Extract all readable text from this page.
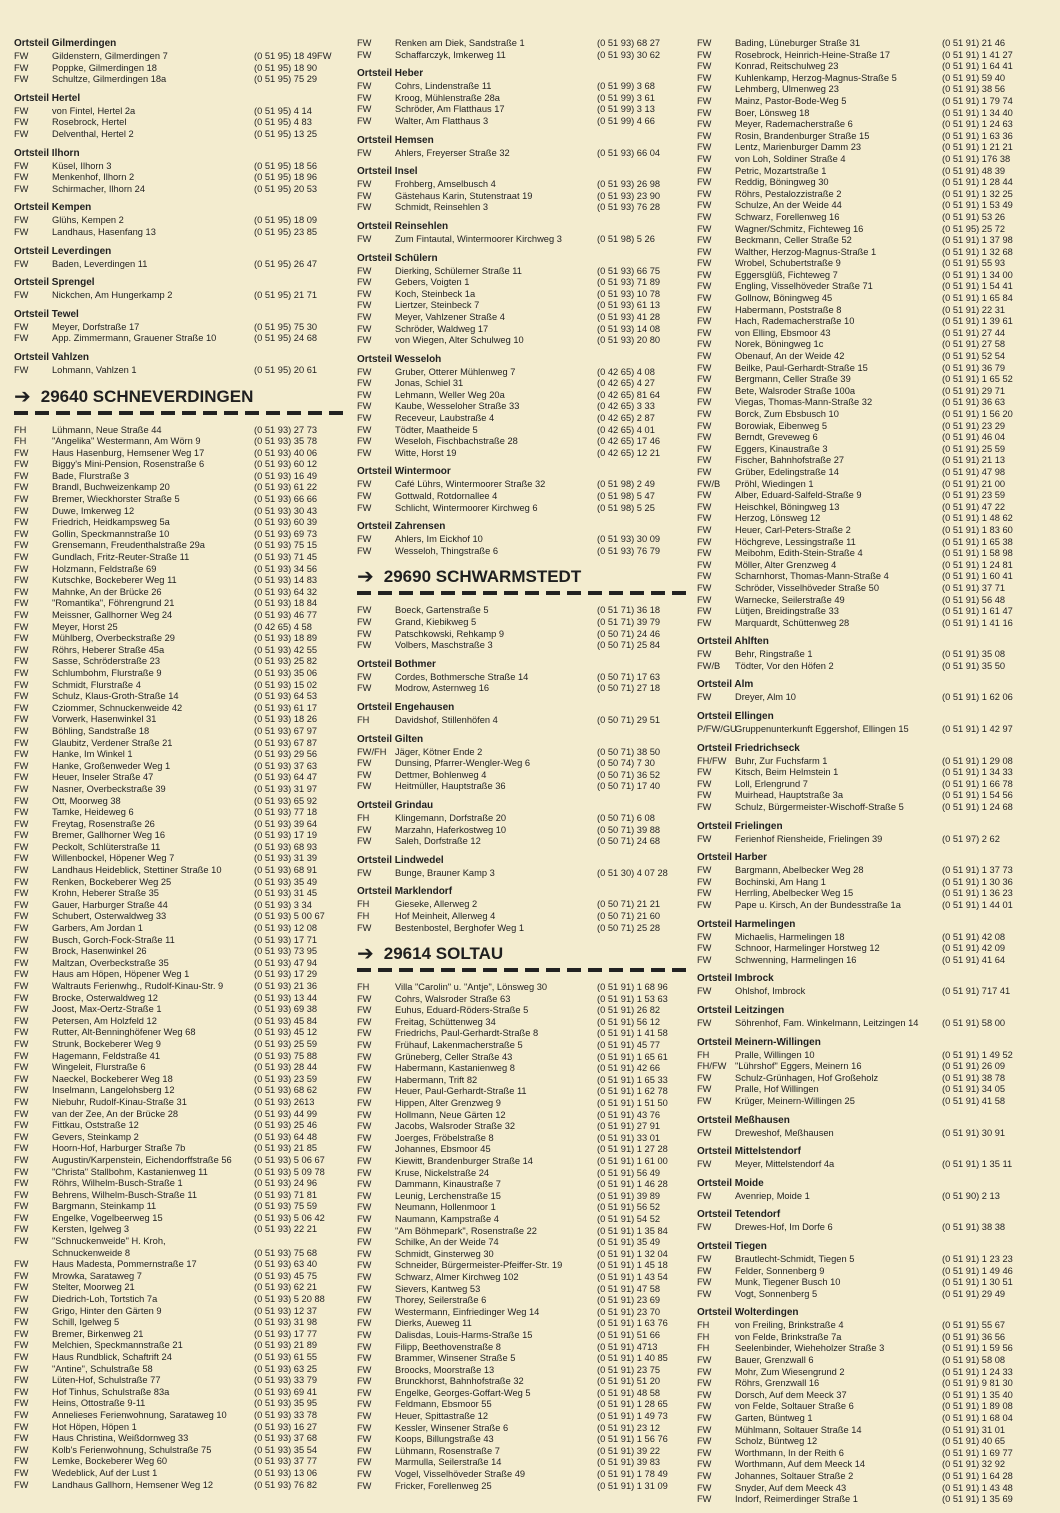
Ortsteil Gilmerdingen
FW	Gildenstern, Gilmerdingen 7	(0 51 95) 18 49FW
FW	Poppke, Gilmerdingen 18	(0 51 95) 18 90
FW	Schultze, Gilmerdingen 18a	(0 51 95) 75 29
Ortsteil Hertel
FW	von Fintel, Hertel 2a	(0 51 95) 4 14
FW	Rosebrock, Hertel	(0 51 95) 4 83
FW	Delventhal, Hertel 2	(0 51 95) 13 25
Ortsteil Ilhorn
FW	Küsel, Ilhorn 3	(0 51 95) 18 56
FW	Menkenhof, Ilhorn 2	(0 51 95) 18 96
FW	Schirmacher, Ilhorn 24	(0 51 95) 20 53
Ortsteil Kempen
FW	Glühs, Kempen 2	(0 51 95) 18 09
FW	Landhaus, Hasenfang 13	(0 51 95) 23 85
Ortsteil Leverdingen
FW	Baden, Leverdingen 11	(0 51 95) 26 47
Ortsteil Sprengel
FW	Nickchen, Am Hungerkamp 2	(0 51 95) 21 71
Ortsteil Tewel
FW	Meyer, Dorfstraße 17	(0 51 95) 75 30
FW	App. Zimmermann, Grauener Straße 10	(0 51 95) 24 68
Ortsteil Vahlzen
FW	Lohmann, Vahlzen 1	(0 51 95) 20 61
➔ 29640 SCHNEVERDINGEN
FH	Lühmann, Neue Straße 44	(0 51 93) 27 73
FH	"Angelika" Westermann, Am Wörn 9	(0 51 93) 35 78
FW	Haus Hasenburg, Hemsener Weg 17	(0 51 93) 40 06
FW	Biggy's Mini-Pension, Rosenstraße 6	(0 51 93) 60 12
FW	Bade, Flurstraße 3	(0 51 93) 16 49
FW	Brandl, Buchweizenkamp 20	(0 51 93) 61 22
FW	Bremer, Wieckhorster Straße 5	(0 51 93) 66 66
FW	Duwe, Imkerweg 12	(0 51 93) 30 43
FW	Friedrich, Heidkampsweg 5a	(0 51 93) 60 39
FW	Gollin, Speckmannstraße 10	(0 51 93) 69 73
FW	Grensemann, Freudenthalstraße 29a	(0 51 93) 75 15
FW	Gundlach, Fritz-Reuter-Straße 11	(0 51 93) 71 45
FW	Holzmann, Feldstraße 69	(0 51 93) 34 56
FW	Kutschke, Bockeberer Weg 11	(0 51 93) 14 83
FW	Mahnke, An der Brücke 26	(0 51 93) 64 32
FW	"Romantika", Föhrengrund 21	(0 51 93) 18 84
FW	Meissner, Gallhorner Weg 24	(0 51 93) 46 77
FW	Meyer, Horst 25	(0 42 65) 4 58
FW	Mühlberg, Overbeckstraße 29	(0 51 93) 18 89
FW	Röhrs, Heberer Straße 45a	(0 51 93) 42 55
FW	Sasse, Schröderstraße 23	(0 51 93) 25 82
FW	Schlumbohm, Flurstraße 9	(0 51 93) 35 06
FW	Schmidt, Flurstraße 4	(0 51 93) 15 02
FW	Schulz, Klaus-Groth-Straße 14	(0 51 93) 64 53
FW	Cziommer, Schnuckenweide 42	(0 51 93) 61 17
FW	Vorwerk, Hasenwinkel 31	(0 51 93) 18 26
FW	Böhling, Sandstraße 18	(0 51 93) 67 97
FW	Glaubitz, Verdener Straße 21	(0 51 93) 67 87
FW	Hanke, Im Winkel 1	(0 51 93) 29 56
FW	Hanke, Großenweder Weg 1	(0 51 93) 37 63
FW	Heuer, Inseler Straße 47	(0 51 93) 64 47
FW	Nasner, Overbeckstraße 39	(0 51 93) 31 97
FW	Ott, Moorweg 38	(0 51 93) 65 92
FW	Tamke, Heideweg 6	(0 51 93) 77 18
FW	Freytag, Rosenstraße 26	(0 51 93) 39 64
FW	Bremer, Gallhorner Weg 16	(0 51 93) 17 19
FW	Peckolt, Schlüterstraße 11	(0 51 93) 68 93
FW	Willenbockel, Höpener Weg 7	(0 51 93) 31 39
FW	Landhaus Heideblick, Stettiner Straße 10	(0 51 93) 68 91
FW	Renken, Bockeberer Weg 25	(0 51 93) 35 49
FW	Krohn, Heberer Straße 35	(0 51 93) 31 45
FW	Gauer, Harburger Straße 44	(0 51 93) 3 34
FW	Schubert, Osterwaldweg 33	(0 51 93) 5 00 67
FW	Garbers, Am Jordan 1	(0 51 93) 12 08
FW	Busch, Gorch-Fock-Straße 11	(0 51 93) 17 71
FW	Brock, Hasenwinkel 26	(0 51 93) 73 95
FW	Maltzan, Overbeckstraße 35	(0 51 93) 47 94
FW	Haus am Höpen, Höpener Weg 1	(0 51 93) 17 29
FW	Waltrauts Ferienwhg., Rudolf-Kinau-Str. 9	(0 51 93) 21 36
FW	Brocke, Osterwaldweg 12	(0 51 93) 13 44
FW	Joost, Max-Oertz-Straße 1	(0 51 93) 69 38
FW	Petersen, Am Holzfeld 12	(0 51 93) 45 84
FW	Rutter, Alt-Benninghöfener Weg 68	(0 51 93) 45 12
FW	Strunk, Bockeberer Weg 9	(0 51 93) 25 59
FW	Hagemann, Feldstraße 41	(0 51 93) 75 88
FW	Wingeleit, Flurstraße 6	(0 51 93) 28 44
FW	Naeckel, Bockeberer Weg 18	(0 51 93) 23 59
FW	Inselmann, Langelohsberg 12	(0 51 93) 68 62
FW	Niebuhr, Rudolf-Kinau-Straße 31	(0 51 93) 2613
FW	van der Zee, An der Brücke 28	(0 51 93) 44 99
FW	Fittkau, Oststraße 12	(0 51 93) 25 46
FW	Gevers, Steinkamp 2	(0 51 93) 64 48
FW	Hoorn-Hof, Harburger Straße 7b	(0 51 93) 21 85
FW	Augustin/Karpenstein, Eichendorffstraße 56	(0 51 93) 5 06 67
FW	"Christa" Stallbohm, Kastanienweg 11	(0 51 93) 5 09 78
FW	Röhrs, Wilhelm-Busch-Straße 1	(0 51 93) 24 96
FW	Behrens, Wilhelm-Busch-Straße 11	(0 51 93) 71 81
FW	Bargmann, Steinkamp 11	(0 51 93) 75 59
FW	Engelke, Vogelbeerweg 15	(0 51 93) 5 06 42
FW	Kersten, Igelweg 3	(0 51 93) 22 21
FW	"Schnuckenweide" H. Kroh,
Schnuckenweide 8	(0 51 93) 75 68
FW	Haus Madesta, Pommernstraße 17	(0 51 93) 63 40
FW	Mrowka, Sarataweg 7	(0 51 93) 45 75
FW	Stelter, Moorweg 21	(0 51 93) 62 21
FW	Diedrich-Loh, Tortstich 7a	(0 51 93) 5 20 88
FW	Grigo, Hinter den Gärten 9	(0 51 93) 12 37
FW	Schill, Igelweg 5	(0 51 93) 31 98
FW	Bremer, Birkenweg 21	(0 51 93) 17 77
FW	Melchien, Speckmannstraße 21	(0 51 93) 21 89
FW	Haus Rundblick, Schaftrift 24	(0 51 93) 61 55
FW	"Antine", Schulstraße 58	(0 51 93) 63 25
FW	Lüten-Hof, Schulstraße 77	(0 51 93) 33 79
FW	Hof Tinhus, Schulstraße 83a	(0 51 93) 69 41
FW	Heins, Ottostraße 9-11	(0 51 93) 35 95
FW	Annelieses Ferienwohnung, Sarataweg 10	(0 51 93) 33 78
FW	Hot Höpen, Höpen 1	(0 51 93) 16 27
FW	Haus Christina, Weißdornweg 33	(0 51 93) 37 68
FW	Kolb's Ferienwohnung, Schulstraße 75	(0 51 93) 35 54
FW	Lemke, Bockeberer Weg 60	(0 51 93) 37 77
FW	Wedeblick, Auf der Lust 1	(0 51 93) 13 06
FW	Landhaus Gallhorn, Hemsener Weg 12	(0 51 93) 76 82
FW	Renken am Diek, Sandstraße 1	(0 51 93) 68 27
FW	Schaffarczyk, Imkerweg 11	(0 51 93) 30 62
Ortsteil Heber
FW	Cohrs, Lindenstraße 11	(0 51 99) 3 68
FW	Kroog, Mühlenstraße 28a	(0 51 99) 3 61
FW	Schröder, Am Flatthaus 17	(0 51 99) 3 13
FW	Walter, Am Flatthaus 3	(0 51 99) 4 66
Ortsteil Hemsen
FW	Ahlers, Freyerser Straße 32	(0 51 93) 66 04
Ortsteil Insel
FW	Frohberg, Amselbusch 4	(0 51 93) 26 98
FW	Gästehaus Karin, Stutenstraat 19	(0 51 93) 23 90
FW	Schmidt, Reinsehlen 3	(0 51 93) 76 28
Ortsteil Reinsehlen
FW	Zum Fintautal, Wintermoorer Kirchweg 3	(0 51 98) 5 26
Ortsteil Schülern
FW	Dierking, Schülerner Straße 11	(0 51 93) 66 75
FW	Gebers, Voigten 1	(0 51 93) 71 89
FW	Koch, Steinbeck 1a	(0 51 93) 10 78
FW	Liertzer, Steinbeck 7	(0 51 93) 61 13
FW	Meyer, Vahlzener Straße 4	(0 51 93) 41 28
FW	Schröder, Waldweg 17	(0 51 93) 14 08
FW	von Wiegen, Alter Schulweg 10	(0 51 93) 20 80
Ortsteil Wesseloh
FW	Gruber, Otterer Mühlenweg 7	(0 42 65) 4 08
FW	Jonas, Schiel 31	(0 42 65) 4 27
FW	Lehmann, Weller Weg 20a	(0 42 65) 81 64
FW	Kaube, Wesseloher Straße 33	(0 42 65) 3 33
FW	Receveur, Laubstraße 4	(0 42 65) 2 87
FW	Tödter, Maatheide 5	(0 42 65) 4 01
FW	Weseloh, Fischbachstraße 28	(0 42 65) 17 46
FW	Witte, Horst 19	(0 42 65) 12 21
Ortsteil Wintermoor
FW	Café Lührs, Wintermoorer Straße 32	(0 51 98) 2 49
FW	Gottwald, Rotdornallee 4	(0 51 98) 5 47
FW	Schlicht, Wintermoorer Kirchweg 6	(0 51 98) 5 25
Ortsteil Zahrensen
FW	Ahlers, Im Eickhof 10	(0 51 93) 30 09
FW	Wesseloh, Thingstraße 6	(0 51 93) 76 79
➔ 29690 SCHWARMSTEDT
FW	Boeck, Gartenstraße 5	(0 51 71) 36 18
FW	Grand, Kiebikweg 5	(0 51 71) 39 79
FW	Patschkowski, Rehkamp 9	(0 50 71) 24 46
FW	Volbers, Maschstraße 3	(0 50 71) 25 84
Ortsteil Bothmer
FW	Cordes, Bothmersche Straße 14	(0 50 71) 17 63
FW	Modrow, Asternweg 16	(0 50 71) 27 18
Ortsteil Engehausen
FH	Davidshof, Stillenhöfen 4	(0 50 71) 29 51
Ortsteil Gilten
FW/FH Jäger, Kötner Ende 2	(0 50 71) 38 50
FW	Dunsing, Pfarrer-Wengler-Weg 6	(0 50 74) 7 30
FW	Dettmer, Bohlenweg 4	(0 50 71) 36 52
FW	Heitmüller, Hauptstraße 36	(0 50 71) 17 40
Ortsteil Grindau
FH	Klingemann, Dorfstraße 20	(0 50 71) 6 08
FW	Marzahn, Haferkostweg 10	(0 50 71) 39 88
FW	Saleh, Dorfstraße 12	(0 50 71) 24 68
Ortsteil Lindwedel
FW	Bunge, Brauner Kamp 3	(0 51 30) 4 07 28
Ortsteil Marklendorf
FH	Gieseke, Allerweg 2	(0 50 71) 21 21
FH	Hof Meinheit, Allerweg 4	(0 50 71) 21 60
FW	Bestenbostel, Berghofer Weg 1	(0 50 71) 25 28
➔ 29614 SOLTAU
FH	Villa "Carolin" u. "Antje", Lönsweg 30	(0 51 91) 1 68 96
FW	Cohrs, Walsroder Straße 63	(0 51 91) 1 53 63
FW	Euhus, Eduard-Röders-Straße 5	(0 51 91) 26 82
FW	Freitag, Schüttenweg 34	(0 51 91) 56 12
FW	Friedrichs, Paul-Gerhardt-Straße 8	(0 51 91) 1 41 58
FW	Frühauf, Lakenmacherstraße 5	(0 51 91) 45 77
FW	Grüneberg, Celler Straße 43	(0 51 91) 1 65 61
FW	Habermann, Kastanienweg 8	(0 51 91) 42 66
FW	Habermann, Trift 82	(0 51 91) 1 65 33
FW	Heuer, Paul-Gerhardt-Straße 11	(0 51 91) 1 62 78
FW	Hippen, Alter Grenzweg 9	(0 51 91) 1 51 50
FW	Hollmann, Neue Gärten 12	(0 51 91) 43 76
FW	Jacobs, Walsroder Straße 32	(0 51 91) 27 91
FW	Joerges, Fröbelstraße 8	(0 51 91) 33 01
FW	Johannes, Ebsmoor 45	(0 51 91) 1 27 28
FW	Kiewitt, Brandenburger Straße 14	(0 51 91) 1 61 00
FW	Kruse, Nickelstraße 24	(0 51 91) 56 49
FW	Dammann, Kinaustraße 7	(0 51 91) 1 46 28
FW	Leunig, Lerchenstraße 15	(0 51 91) 39 89
FW	Neumann, Hollenmoor 1	(0 51 91) 56 52
FW	Naumann, Kampstraße 4	(0 51 91) 54 52
FW	"Am Böhmepark", Rosenstraße 22	(0 51 91) 1 35 84
FW	Schilke, An der Weide 74	(0 51 91) 35 49
FW	Schmidt, Ginsterweg 30	(0 51 91) 1 32 04
FW	Schneider, Bürgermeister-Pfeiffer-Str. 19	(0 51 91) 1 45 18
FW	Schwarz, Almer Kirchweg 102	(0 51 91) 1 43 54
FW	Sievers, Kantweg 53	(0 51 91) 47 58
FW	Thorey, Seilerstraße 6	(0 51 91) 23 69
FW	Westermann, Einfriedinger Weg 14	(0 51 91) 23 70
FW	Dierks, Aueweg 11	(0 51 91) 1 63 76
FW	Dalisdas, Louis-Harms-Straße 15	(0 51 91) 51 66
FW	Filipp, Beethovenstraße 8	(0 51 91) 4713
FW	Brammer, Winsener Straße 5	(0 51 91) 1 40 85
FW	Broocks, Moorstraße 13	(0 51 91) 23 75
FW	Brunckhorst, Bahnhofstraße 32	(0 51 91) 51 20
FW	Engelke, Georges-Goffart-Weg 5	(0 51 91) 48 58
FW	Feldmann, Ebsmoor 55	(0 51 91) 1 28 65
FW	Heuer, Spittastraße 12	(0 51 91) 1 49 73
FW	Kessler, Winsener Straße 6	(0 51 91) 23 12
FW	Koops, Billungstraße 43	(0 51 91) 1 56 76
FW	Lühmann, Rosenstraße 7	(0 51 91) 39 22
FW	Marmulla, Seilerstraße 14	(0 51 91) 39 83
FW	Vogel, Visselhöveder Straße 49	(0 51 91) 1 78 49
FW	Fricker, Forellenweg 25	(0 51 91) 1 31 09
FW	Bading, Lüneburger Straße 31	(0 51 91) 21 46
FW	Rosebrock, Heinrich-Heine-Straße 17	(0 51 91) 1 41 27
FW	Konrad, Reitschulweg 23	(0 51 91) 1 64 41
FW	Kuhlenkamp, Herzog-Magnus-Straße 5	(0 51 91) 59 40
FW	Lehmberg, Ulmenweg 23	(0 51 91) 38 56
FW	Mainz, Pastor-Bode-Weg 5	(0 51 91) 1 79 74
FW	Boer, Lönsweg 18	(0 51 91) 1 34 40
FW	Meyer, Rademacherstraße 6	(0 51 91) 1 24 63
FW	Rosin, Brandenburger Straße 15	(0 51 91) 1 63 36
FW	Lentz, Marienburger Damm 23	(0 51 91) 1 21 21
FW	von Loh, Soldiner Straße 4	(0 51 91) 176 38
FW	Petric, Mozartstraße 1	(0 51 91) 48 39
FW	Reddig, Böningweg 30	(0 51 91) 1 28 44
FW	Röhrs, Pestalozzistraße 2	(0 51 91) 1 32 25
FW	Schulze, An der Weide 44	(0 51 91) 1 53 49
FW	Schwarz, Forellenweg 16	(0 51 91) 53 26
FW	Wagner/Schmitz, Fichteweg 16	(0 51 95) 25 72
FW	Beckmann, Celler Straße 52	(0 51 91) 1 37 98
FW	Walther, Herzog-Magnus-Straße 1	(0 51 91) 1 32 68
FW	Wrobel, Schubertstraße 9	(0 51 91) 55 93
FW	Eggersglüß, Fichteweg 7	(0 51 91) 1 34 00
FW	Engling, Visselhöveder Straße 71	(0 51 91) 1 54 41
FW	Gollnow, Böningweg 45	(0 51 91) 1 65 84
FW	Habermann, Poststraße 8	(0 51 91) 22 31
FW	Hach, Rademacherstraße 10	(0 51 91) 1 39 61
FW	von Elling, Ebsmoor 43	(0 51 91) 27 44
FW	Norek, Böningweg 1c	(0 51 91) 27 58
FW	Obenauf, An der Weide 42	(0 51 91) 52 54
FW	Beilke, Paul-Gerhardt-Straße 15	(0 51 91) 36 79
FW	Bergmann, Celler Straße 39	(0 51 91) 1 65 52
FW	Bete, Walsroder Straße 100a	(0 51 91) 29 71
FW	Viegas, Thomas-Mann-Straße 32	(0 51 91) 36 63
FW	Borck, Zum Ebsbusch 10	(0 51 91) 1 56 20
FW	Borowiak, Eibenweg 5	(0 51 91) 23 29
FW	Berndt, Greveweg 6	(0 51 91) 46 04
FW	Eggers, Kinaustraße 3	(0 51 91) 25 59
FW	Fischer, Bahnhofstraße 27	(0 51 91) 21 13
FW	Grüber, Edelingstraße 14	(0 51 91) 47 98
FW/B	Pröhl, Wiedingen 1	(0 51 91) 21 00
FW	Alber, Eduard-Salfeld-Straße 9	(0 51 91) 23 59
FW	Heischkel, Böningweg 13	(0 51 91) 47 22
FW	Herzog, Lönsweg 12	(0 51 91) 1 48 62
FW	Heuer, Carl-Peters-Straße 2	(0 51 91) 1 83 60
FW	Höchgreve, Lessingstraße 11	(0 51 91) 1 65 38
FW	Meibohm, Edith-Stein-Straße 4	(0 51 91) 1 58 98
FW	Möller, Alter Grenzweg 4	(0 51 91) 1 24 81
FW	Scharnhorst, Thomas-Mann-Straße 4	(0 51 91) 1 60 41
FW	Schröder, Visselhöveder Straße 50	(0 51 91) 37 71
FW	Warnecke, Seilerstraße 49	(0 51 91) 56 48
FW	Lütjen, Breidingstraße 33	(0 51 91) 1 61 47
FW	Marquardt, Schüttenweg 28	(0 51 91) 1 41 16
Ortsteil Ahlften
FW	Behr, Ringstraße 1	(0 51 91) 35 08
FW/B	Tödter, Vor den Höfen 2	(0 51 91) 35 50
Ortsteil Alm
FW	Dreyer, Alm 10	(0 51 91) 1 62 06
Ortsteil Ellingen
P/FW/GU
Gruppenunterkunft Eggershof, Ellingen 15	(0 51 91) 1 42 97
Ortsteil Friedrichseck
FH/FW Buhr, Zur Fuchsfarm 1	(0 51 91) 1 29 08
FW	Kitsch, Beim Helmstein 1	(0 51 91) 1 34 33
FW	Loll, Erlengrund 7	(0 51 91) 1 66 78
FW	Muirhead, Hauptstraße 3a	(0 51 91) 1 54 56
FW	Schulz, Bürgermeister-Wischoff-Straße 5	(0 51 91) 1 24 68
Ortsteil Frielingen
FW	Ferienhof Riensheide, Frielingen 39	(0 51 97) 2 62
Ortsteil Harber
FW	Bargmann, Abelbecker Weg 28	(0 51 91) 1 37 73
FW	Bochinski, Am Hang 1	(0 51 91) 1 30 36
FW	Herrling, Abelbecker Weg 15	(0 51 91) 1 36 23
FW	Pape u. Kirsch, An der Bundesstraße 1a	(0 51 91) 1 44 01
Ortsteil Harmelingen
FW	Michaelis, Harmelingen 18	(0 51 91) 42 08
FW	Schnoor, Harmelinger Horstweg 12	(0 51 91) 42 09
FW	Schwenning, Harmelingen 16	(0 51 91) 41 64
Ortsteil Imbrock
FW	Ohlshof, Imbrock	(0 51 91) 717 41
Ortsteil Leitzingen
FW	Söhrenhof, Fam. Winkelmann, Leitzingen 14	(0 51 91) 58 00
Ortsteil Meinern-Willingen
FH	Pralle, Willingen 10	(0 51 91) 1 49 52
FH/FW "Lührshof" Eggers, Meinern 16	(0 51 91) 26 09
FW	Schulz-Grünhagen, Hof Großeholz	(0 51 91) 38 78
FW	Pralle, Hof Willingen	(0 51 91) 34 05
FW	Krüger, Meinern-Willingen 25	(0 51 91) 41 58
Ortsteil Meßhausen
FW	Dreweshof, Meßhausen	(0 51 91) 30 91
Ortsteil Mittelstendorf
FW	Meyer, Mittelstendorf 4a	(0 51 91) 1 35 11
Ortsteil Moide
FW	Avenriep, Moide 1	(0 51 90) 2 13
Ortsteil Tetendorf
FW	Drewes-Hof, Im Dorfe 6	(0 51 91) 38 38
Ortsteil Tiegen
FW	Brautlecht-Schmidt, Tiegen 5	(0 51 91) 1 23 23
FW	Felder, Sonnenberg 9	(0 51 91) 1 49 46
FW	Munk, Tiegener Busch 10	(0 51 91) 1 30 51
FW	Vogt, Sonnenberg 5	(0 51 91) 29 49
Ortsteil Wolterdingen
FH	von Freiling, Brinkstraße 4	(0 51 91) 55 67
FH	von Felde, Brinkstraße 7a	(0 51 91) 36 56
FH	Seelenbinder, Wieheholzer Straße 3	(0 51 91) 1 59 56
FW	Bauer, Grenzwall 6	(0 51 91) 58 08
FW	Mohr, Zum Wiesengrund 2	(0 51 91) 1 24 33
FW	Röhrs, Grenzwall 16	(0 51 91) 9 81 30
FW	Dorsch, Auf dem Meeck 37	(0 51 91) 1 35 40
FW	von Felde, Soltauer Straße 6	(0 51 91) 1 89 08
FW	Garten, Büntweg 1	(0 51 91) 1 68 04
FW	Mühlmann, Soltauer Straße 14	(0 51 91) 31 01
FW	Scholz, Büntweg 12	(0 51 91) 40 65
FW	Worthmann, In der Reith 6	(0 51 91) 1 69 77
FW	Worthmann, Auf dem Meeck 14	(0 51 91) 32 92
FW	Johannes, Soltauer Straße 2	(0 51 91) 1 64 28
FW	Snyder, Auf dem Meeck 43	(0 51 91) 1 43 48
FW	Indorf, Reimerdinger Straße 1	(0 51 91) 1 35 69
